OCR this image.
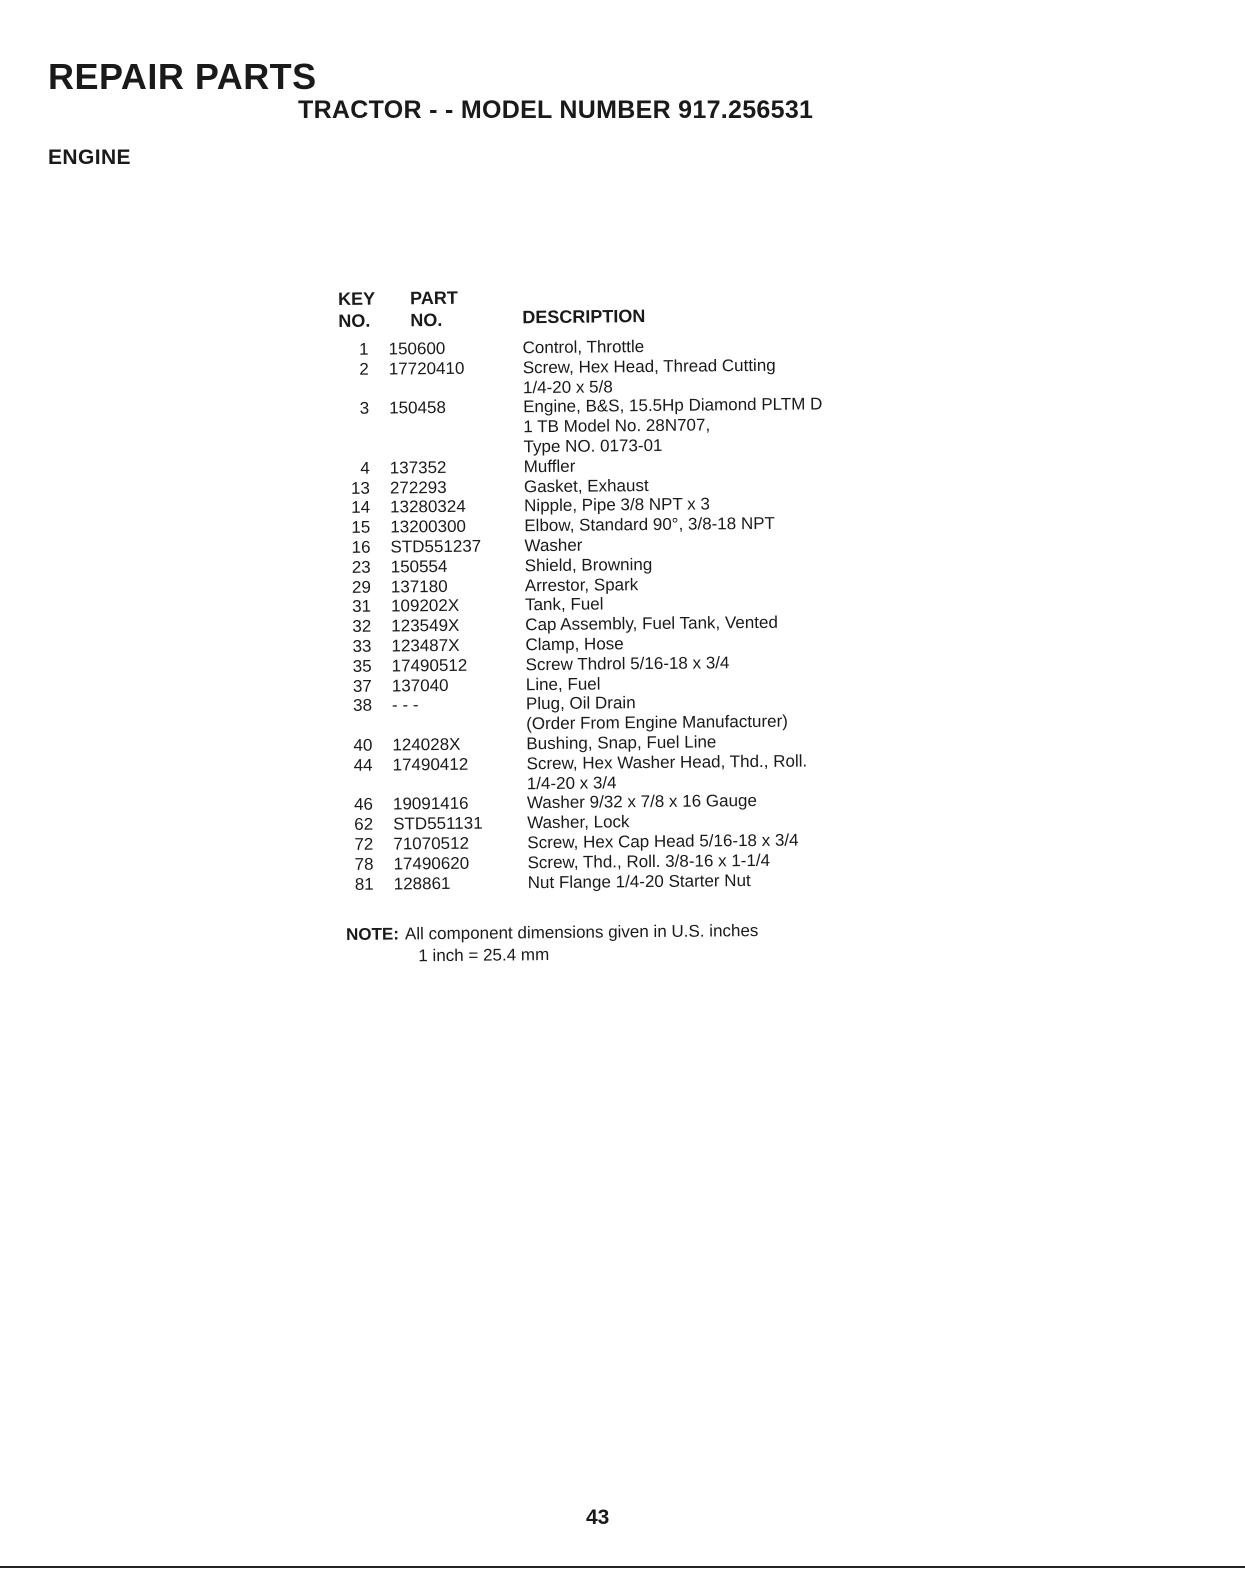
REPAIR PARTS
TRACTOR - - MODEL NUMBER 917.256531
ENGINE
KEY
NO.
PART
NO.	DESCRIPTION
1 150600	Control, Throttle
2 17720410	Screw, Hex Head, Thread Cutting
1/4-20 x 5/8
3 150458	Engine, B&S, 15.5Hp Diamond PLTM D
1 TB Model No. 28N707,
Type NO. 0173-01
4 137352	Muffler
13 272293	Gasket, Exhaust
14 13280324	Nipple, Pipe 3/8 NPT x 3
15 13200300	Elbow, Standard 90°, 3/8-18 NPT
16 STD551237	Washer
23 150554	Shield, Browning
29 137180	Arrestor, Spark
31 109202X	Tank, Fuel
32 123549X	Cap Assembly, Fuel Tank, Vented
33 123487X	Clamp, Hose
35 17490512	Screw Thdrol 5/16-18 x 3/4
37 137040	Line, Fuel
38 - - -	Plug, Oil Drain
(Order From Engine Manufacturer)
40 124028X	Bushing, Snap, Fuel Line
44 17490412	Screw, Hex Washer Head, Thd., Roll.
1/4-20 x 3/4
46 19091416	Washer 9/32 x 7/8 x 16 Gauge
62 STD551131	Washer, Lock
72 71070512	Screw, Hex Cap Head 5/16-18 x 3/4
78 17490620	Screw, Thd., Roll. 3/8-16 x 1-1/4
81 128861	Nut Flange 1/4-20 Starter Nut
NOTE: All component dimensions given in U.S. inches
1 inch = 25.4 mm
43
